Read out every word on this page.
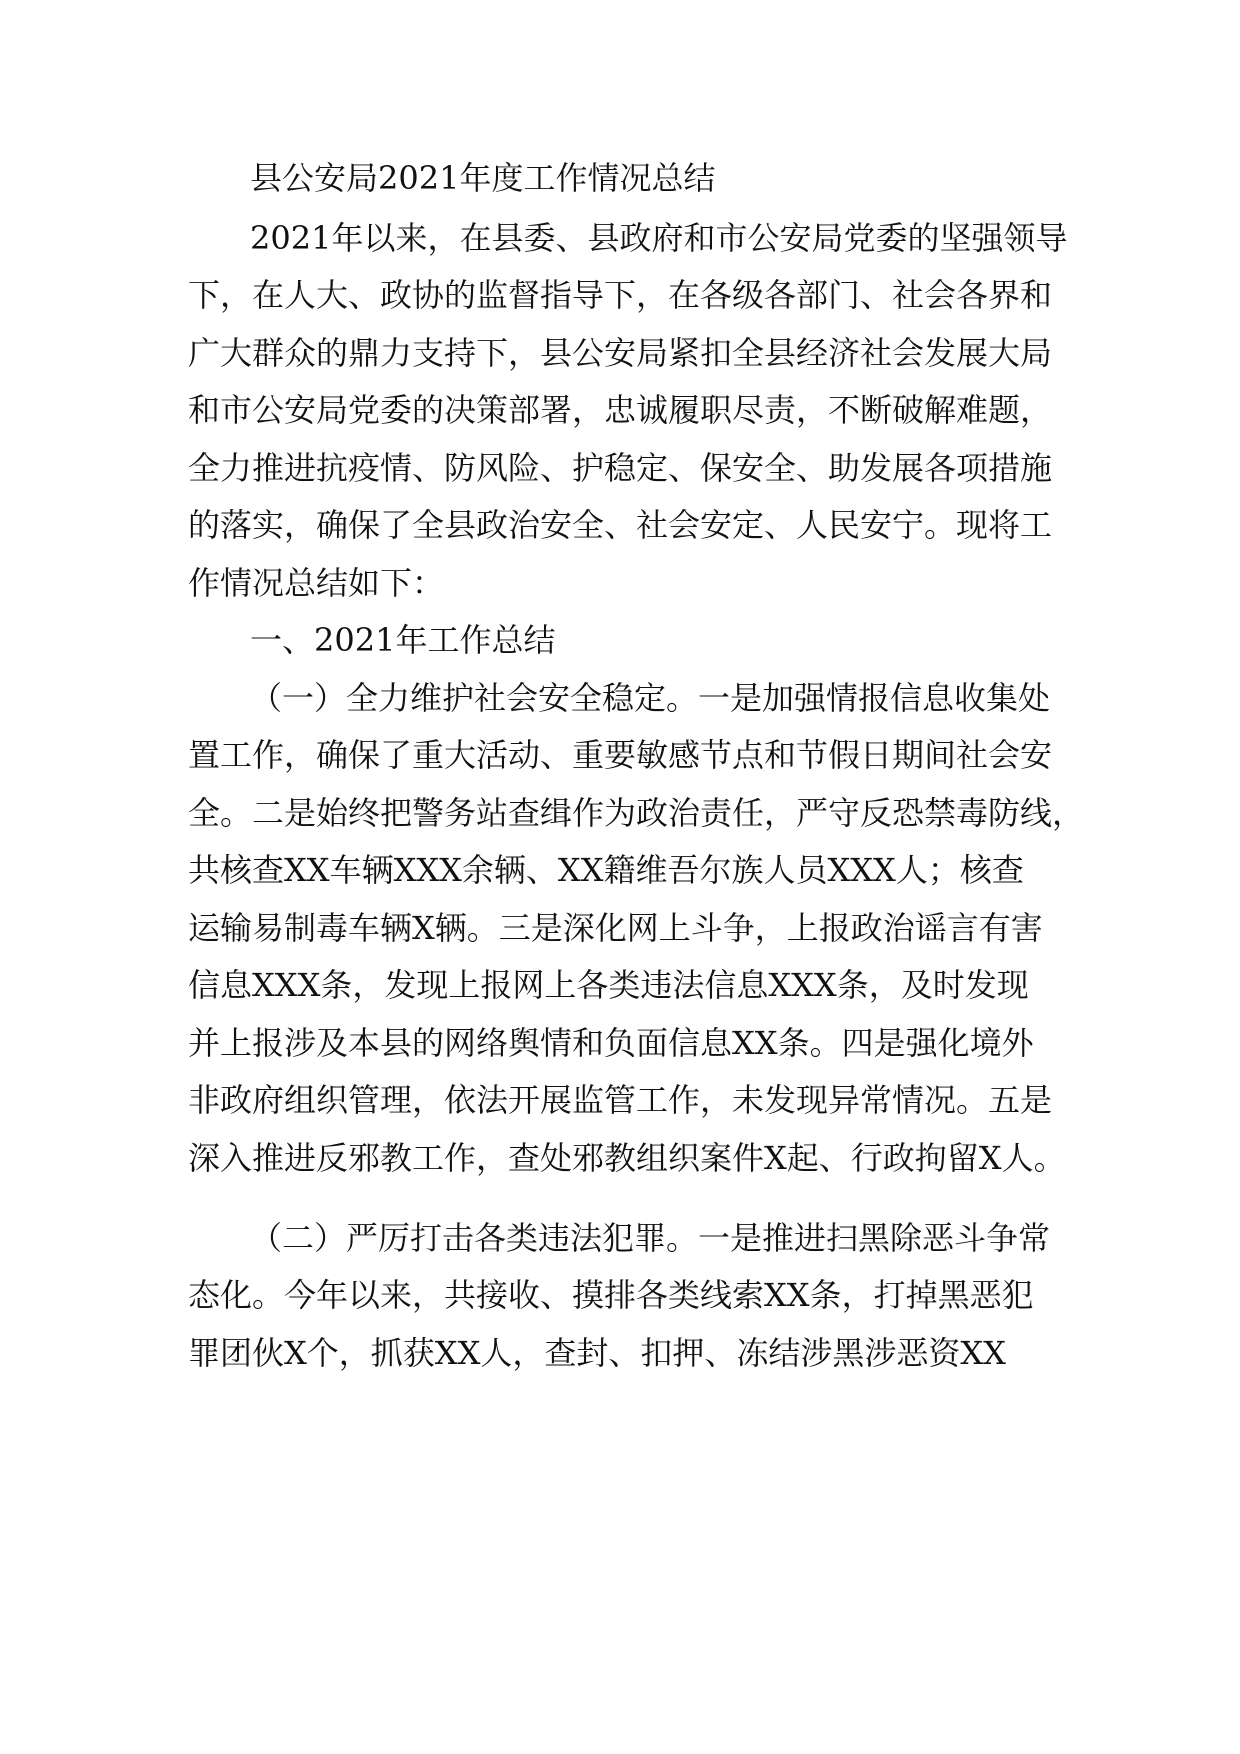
县公安局2021年度工作情况总结
2021年以来，在县委、县政府和市公安局党委的坚强领导
下，在人大、政协的监督指导下，在各级各部门、社会各界和
广大群众的鼎力支持下，县公安局紧扣全县经济社会发展大局
和市公安局党委的决策部署，忠诚履职尽责，不断破解难题，
全力推进抗疫情、防风险、护稳定、保安全、助发展各项措施
的落实，确保了全县政治安全、社会安定、人民安宁。现将工
作情况总结如下：
一、2021年工作总结
（一）全力维护社会安全稳定。一是加强情报信息收集处
置工作，确保了重大活动、重要敏感节点和节假日期间社会安
全。二是始终把警务站查缉作为政治责任，严守反恐禁毒防线，
共核查XX车辆XXX余辆、XX籍维吾尔族人员XXX人；核查
运输易制毒车辆X辆。三是深化网上斗争，上报政治谣言有害
信息XXX条，发现上报网上各类违法信息XXX条，及时发现
并上报涉及本县的网络舆情和负面信息XX条。四是强化境外
非政府组织管理，依法开展监管工作，未发现异常情况。五是
深入推进反邪教工作，查处邪教组织案件X起、行政拘留X人。
（二）严厉打击各类违法犯罪。一是推进扫黑除恶斗争常
态化。今年以来，共接收、摸排各类线索XX条，打掉黑恶犯
罪团伙X个，抓获XX人，查封、扣押、冻结涉黑涉恶资XX
